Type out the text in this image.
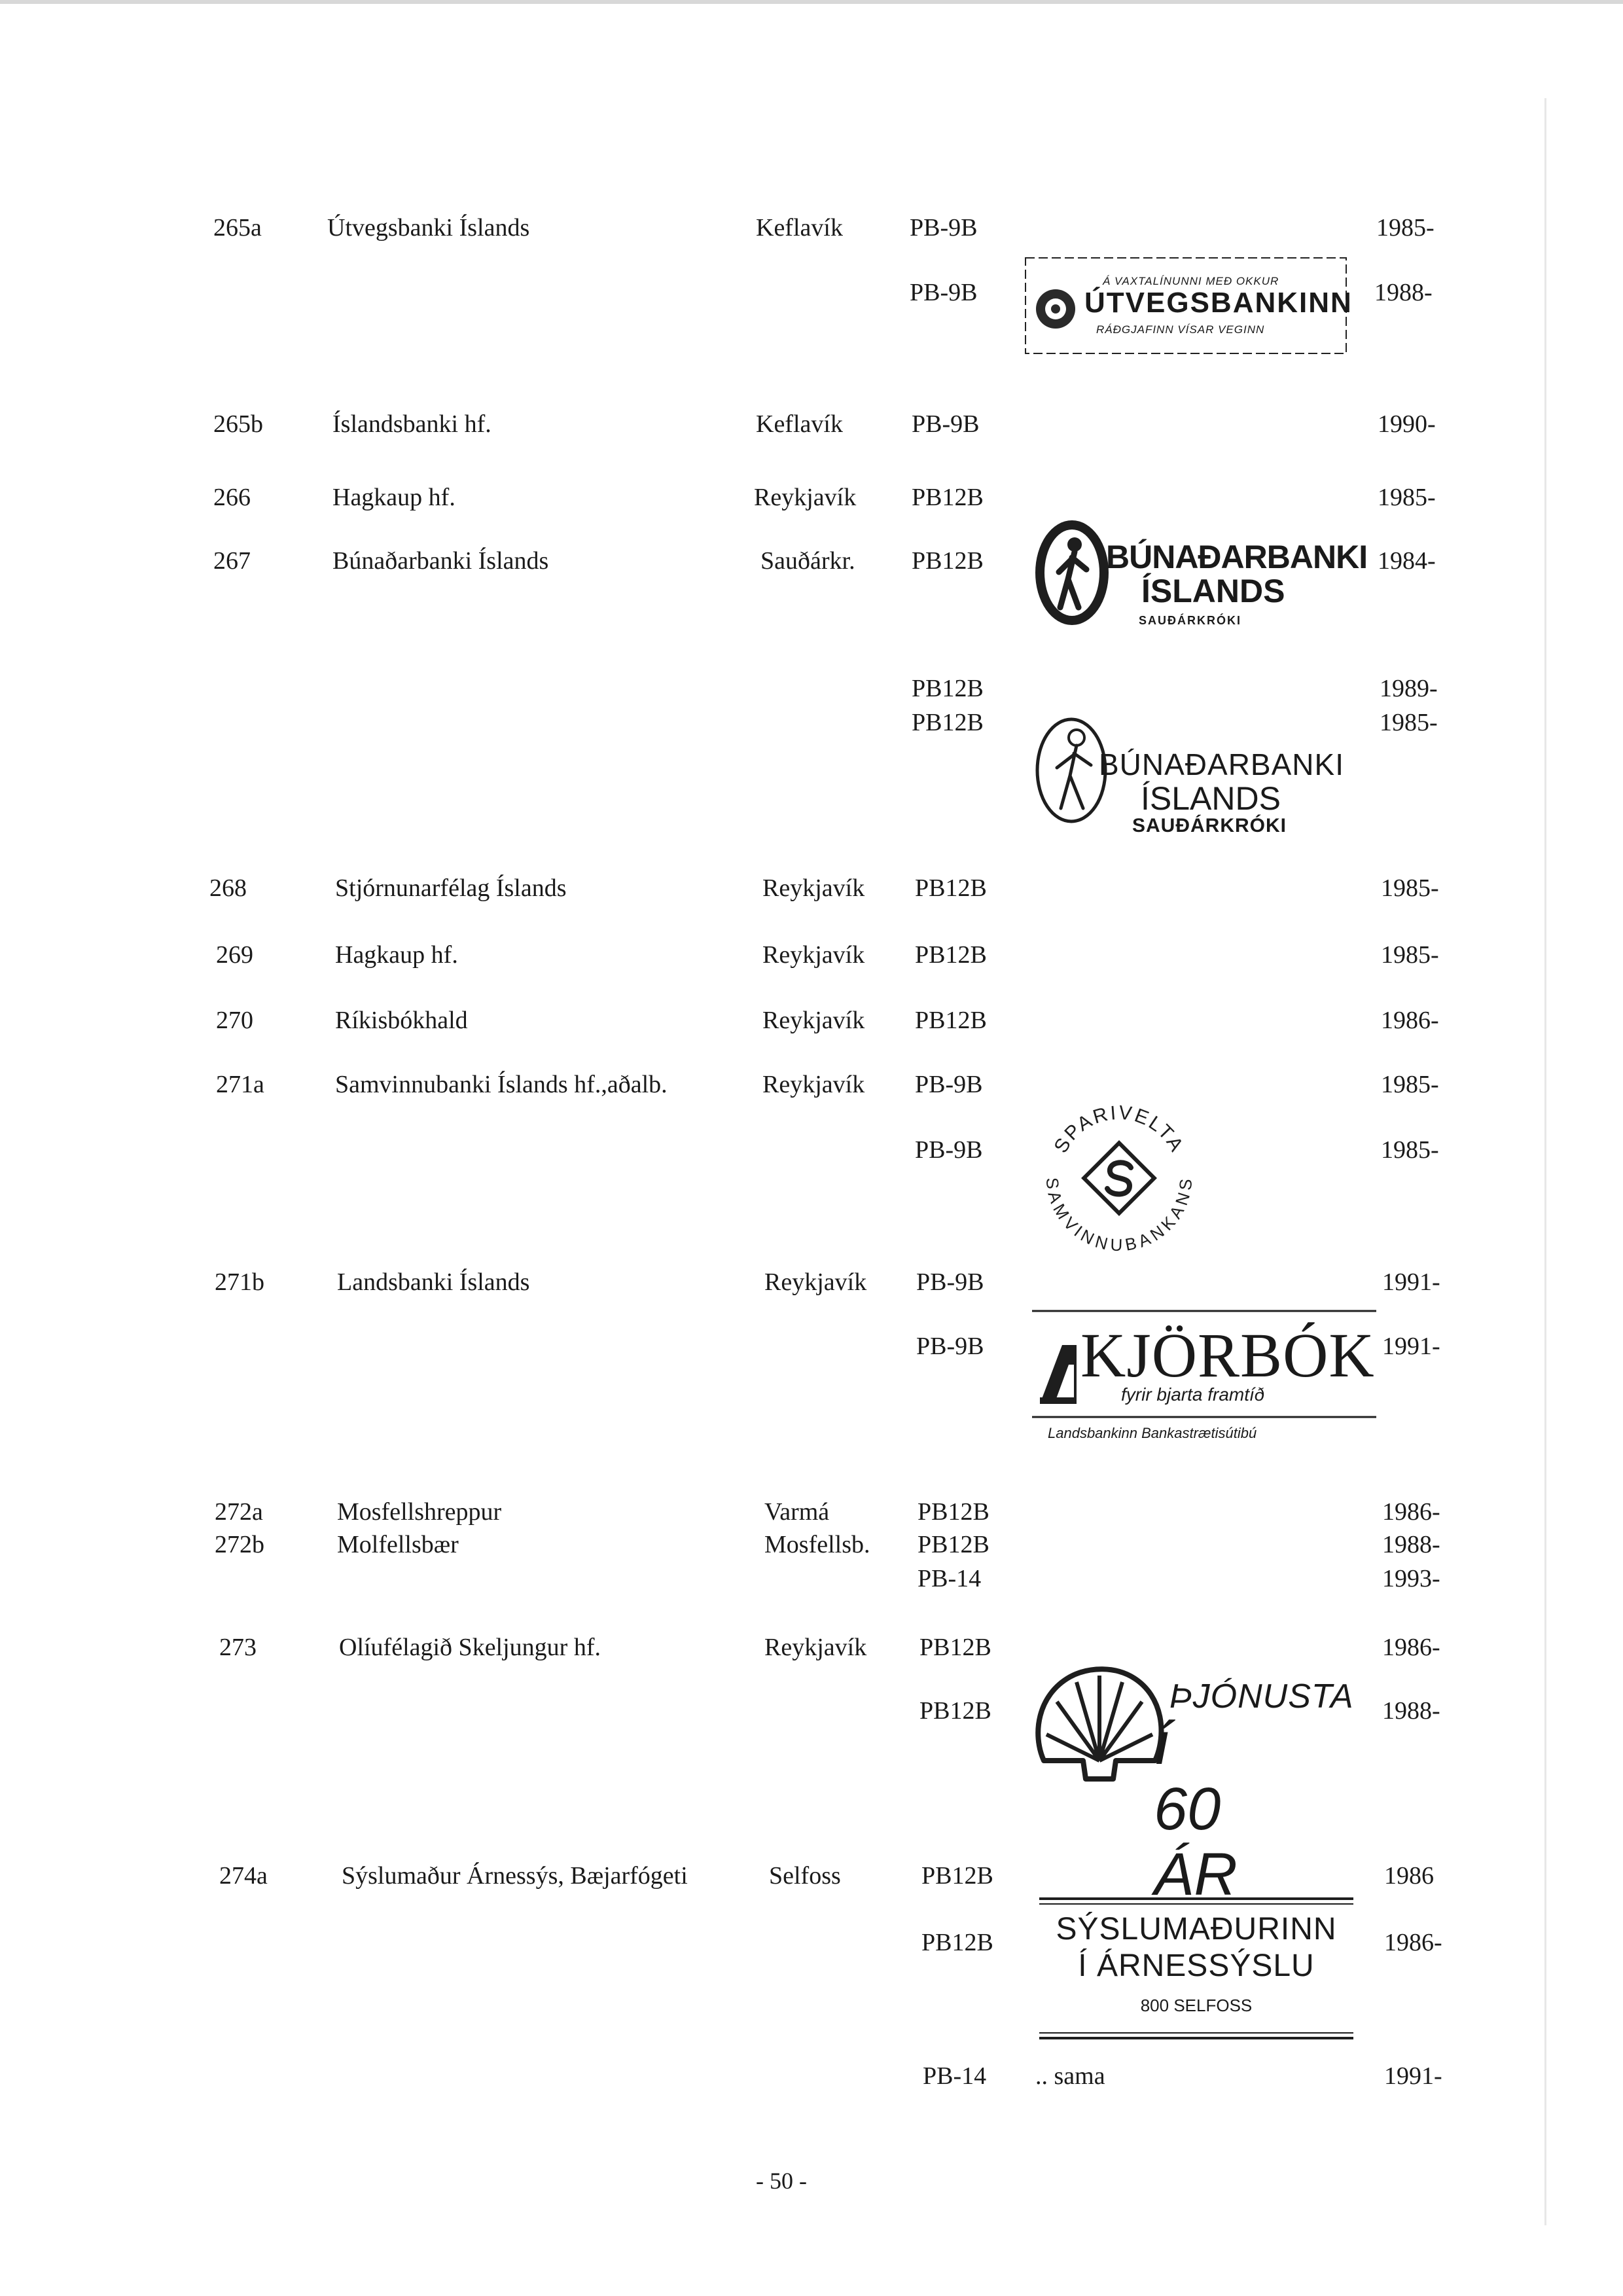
265a	Útvegsbanki Íslands	Keflavík	PB-9B	1985-
PB-9B	1988-
Á VAXTALÍNUNNI MEÐ OKKUR
ÚTVEGSBANKINN
RÁÐGJAFINN VÍSAR VEGINN
265b	Íslandsbanki hf.	Keflavík	PB-9B	1990-
266	Hagkaup hf.	Reykjavík PB12B	1985-
267	Búnaðarbanki Íslands	Sauðárkr. PB12B	1984-
BÚNAÐARBANKI
ÍSLANDS
SAUÐÁRKRÓKI
PB12B	1989-
PB12B	1985-
BÚNAÐARBANKI
ÍSLANDS
SAUÐÁRKRÓKI
268	Stjórnunarfélag Íslands	Reykjavík PB12B	1985-
269	Hagkaup hf.	Reykjavík PB12B	1985-
270	Ríkisbókhald	Reykjavík PB12B	1986-
271a	Samvinnubanki Íslands hf.,aðalb.	Reykjavík PB-9B	1985-
PB-9B	1985-
SPARIVELTA
SAMVINNUBANKANS
271b	Landsbanki Íslands	Reykjavík PB-9B	1991-
PB-9B	1991-
KJÖRBÓK
fyrir bjarta framtíð
Landsbankinn Bankastrætisútibú
272a	Mosfellshreppur	Varmá	PB12B	1986-
272b	Molfellsbær	Mosfellsb. PB12B	1988-
PB-14	1993-
273	Olíufélagið Skeljungur hf.	Reykjavík PB12B	1986-
PB12B	1988-
ÞJÓNUSTA
í 60 ÁR
274a	Sýslumaður Árnessýs, Bæjarfógeti	Selfoss	PB12B	1986
PB12B	1986-
SÝSLUMAÐURINN
Í ÁRNESSÝSLU
800 SELFOSS
PB-14 .. sama	1991-
- 50 -
